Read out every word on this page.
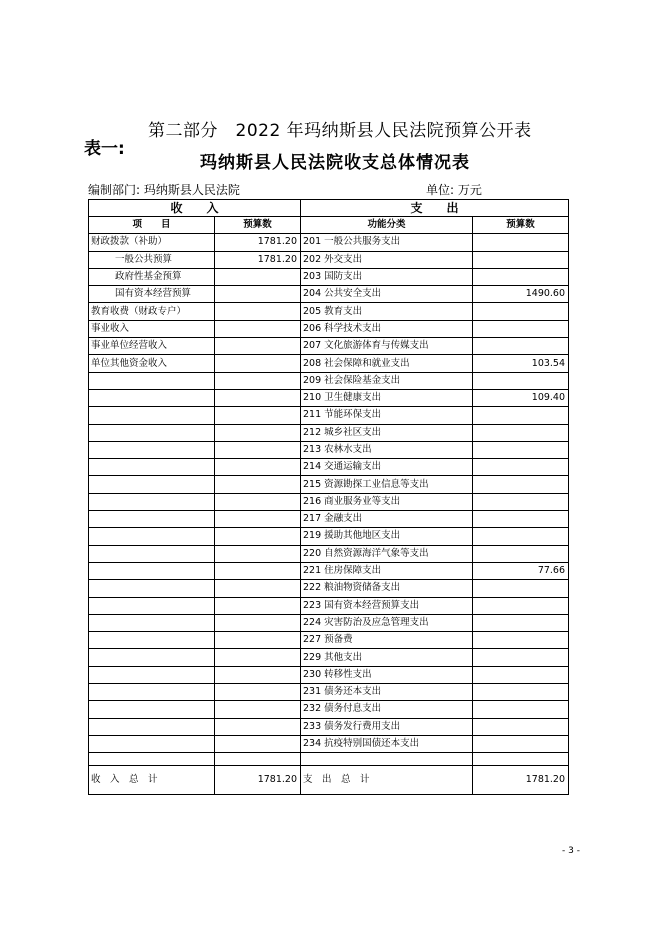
第二部分　2022 年玛纳斯县人民法院预算公开表
表一:
玛纳斯县人民法院收支总体情况表
编制部门: 玛纳斯县人民法院	单位: 万元
收　　入		支　　出	
项　　目	预算数	功能分类	预算数
财政拨款（补助）	1781.20	201 一般公共服务支出	
一般公共预算	1781.20	202 外交支出	
政府性基金预算		203 国防支出	
国有资本经营预算		204 公共安全支出	1490.60
教育收费（财政专户）		205 教育支出	
事业收入		206 科学技术支出	
事业单位经营收入		207 文化旅游体育与传媒支出	
单位其他资金收入		208 社会保障和就业支出	103.54
		209 社会保险基金支出	
		210 卫生健康支出	109.40
		211 节能环保支出	
		212 城乡社区支出	
		213 农林水支出	
		214 交通运输支出	
		215 资源勘探工业信息等支出	
		216 商业服务业等支出	
		217 金融支出	
		219 援助其他地区支出	
		220 自然资源海洋气象等支出	
		221 住房保障支出	77.66
		222 粮油物资储备支出	
		223 国有资本经营预算支出	
		224 灾害防治及应急管理支出	
		227 预备费	
		229 其他支出	
		230 转移性支出	
		231 债务还本支出	
		232 债务付息支出	
		233 债务发行费用支出	
		234 抗疫特别国债还本支出	

收　入　总　计	1781.20	支　出　总　计	1781.20
- 3 -
